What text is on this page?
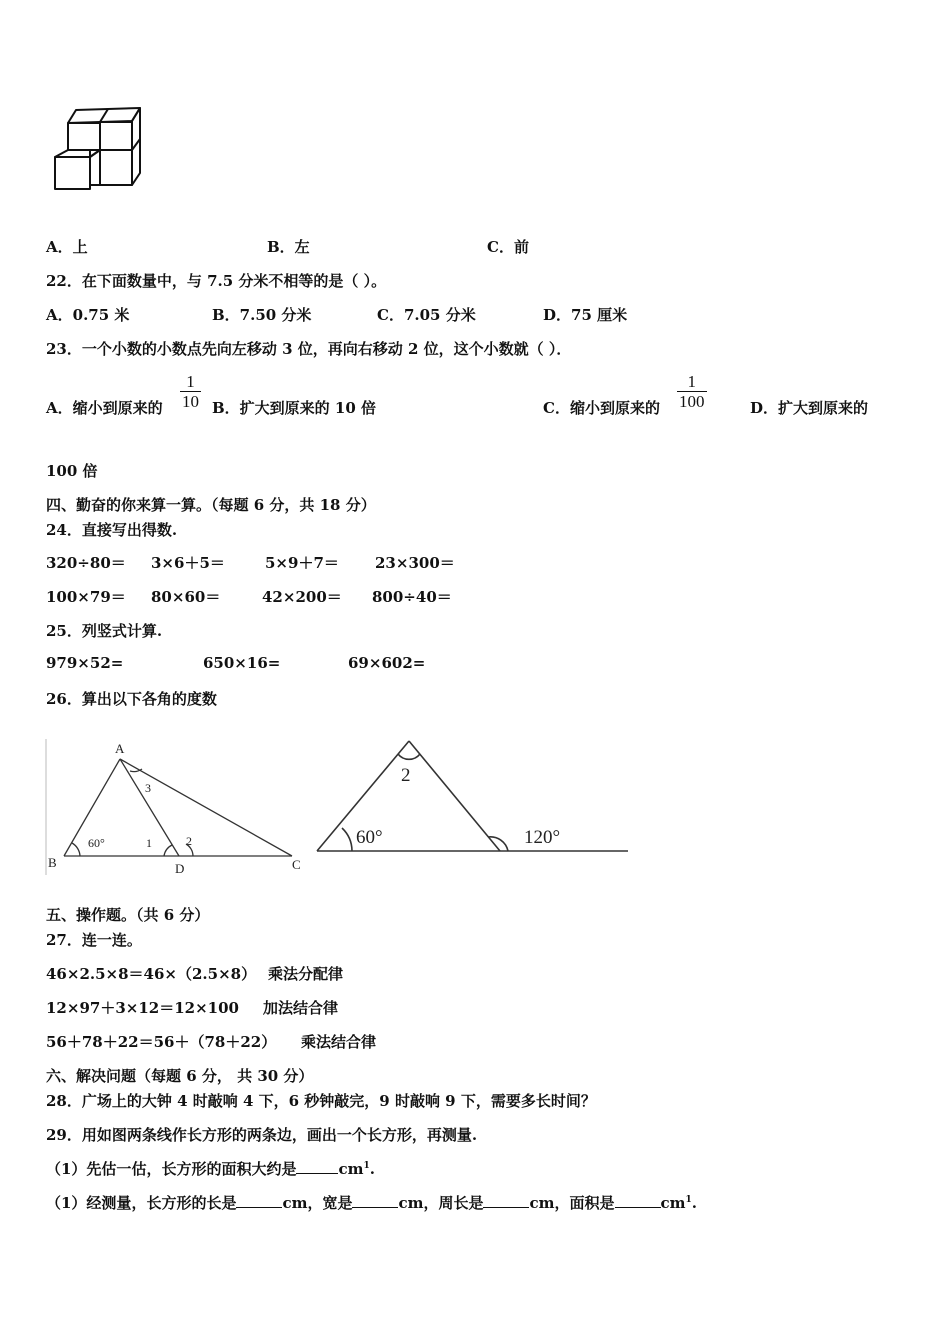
A．上	B．左	C．前
22．在下面数量中，与 7.5 分米不相等的是（ ）。
A．0.75 米	B．7.50 分米	C．7.05 分米	D．75 厘米
23．一个小数的小数点先向左移动 3 位，再向右移动 2 位，这个小数就（ ）．
A．缩小到原来的
1
10 B．扩大到原来的 10 倍	C．缩小到原来的
1
100	D．扩大到原来的
100 倍
四、勤奋的你来算一算。（每题 6 分，共 18 分）
24．直接写出得数.
320÷80＝ 3×6＋5＝	5×9＋7＝ 23×300＝
100×79＝ 80×60＝	42×200＝ 800÷40＝
25．列竖式计算.
979×52=	650×16=	69×602=
26．算出以下各角的度数
A
B	C
D
60°	1	2
3
2
60°	120°
五、操作题。（共 6 分）
27．连一连。
46×2.5×8＝46×（2.5×8） 乘法分配律
12×97＋3×12＝12×100 加法结合律
56＋78＋22＝56＋（78＋22） 乘法结合律
六、解决问题（每题 6 分， 共 30 分）
28．广场上的大钟 4 时敲响 4 下，6 秒钟敲完，9 时敲响 9 下，需要多长时间？
29．用如图两条线作长方形的两条边，画出一个长方形，再测量.
（1）先估一估，长方形的面积大约是	$cm^1$.
（1）经测量，长方形的长是	cm，宽是	cm，周长是	cm，面积是	$cm^1$.
